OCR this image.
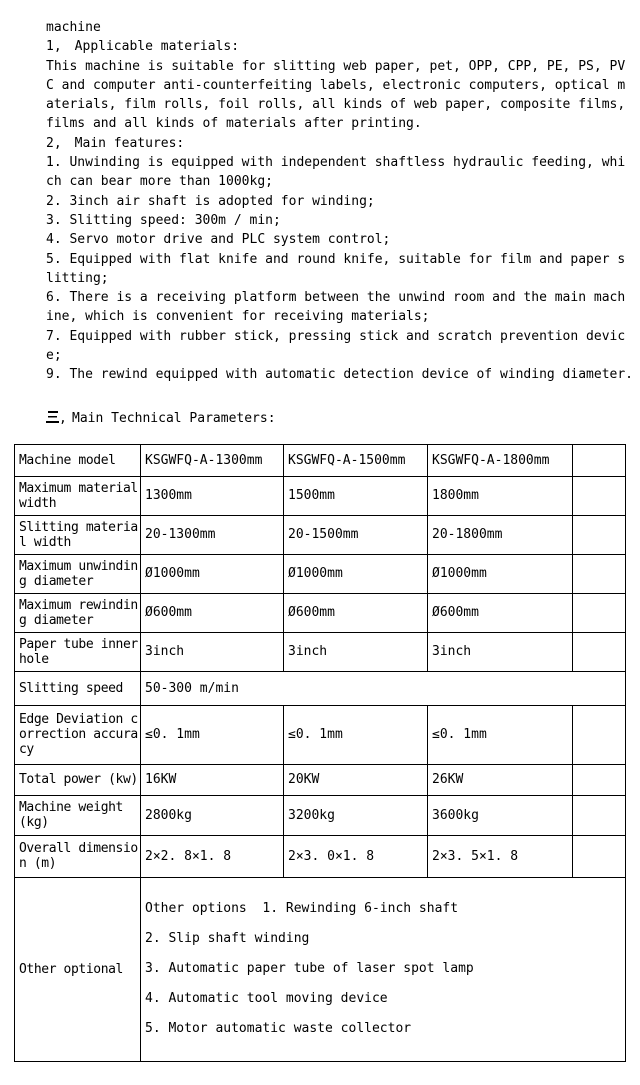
machine
1 , Applicable materials:
This machine is suitable for slitting web paper, pet, OPP, CPP, PE, PS, PV
C and computer anti-counterfeiting labels, electronic computers, optical m
aterials, film rolls, foil rolls, all kinds of web paper, composite films,
films and all kinds of materials after printing.
2 , Main features:
1. Unwinding is equipped with independent shaftless hydraulic feeding, whi
ch can bear more than 1000kg;
2. 3inch air shaft is adopted for winding;
3. Slitting speed: 300m / min;
4. Servo motor drive and PLC system control;
5. Equipped with flat knife and round knife, suitable for film and paper s
litting;
6. There is a receiving platform between the unwind room and the main mach
ine, which is convenient for receiving materials;
7. Equipped with rubber stick, pressing stick and scratch prevention devic
e;
9. The rewind equipped with automatic detection device of winding diameter.
, Main Technical Parameters:
Machine model	KSGWFQ-A-1300mm	KSGWFQ-A-1500mm	KSGWFQ-A-1800mm	
Maximum material width	1300mm	1500mm	1800mm	
Slitting material width	20-1300mm	20-1500mm	20-1800mm	
Maximum unwinding diameter	Ø1000mm	Ø1000mm	Ø1000mm	
Maximum rewinding diameter	Ø600mm	Ø600mm	Ø600mm	
Paper tube inner hole	3inch	3inch	3inch	
Slitting speed	50-300 m/min			
Edge Deviation correction accuracy	≤0. 1mm	≤0. 1mm	≤0. 1mm	
Total power (kw)	16KW	20KW	26KW	
Machine weight (kg)	2800kg	3200kg	3600kg	
Overall dimension (m)	2×2. 8×1. 8	2×3. 0×1. 8	2×3. 5×1. 8	
Other optional	Other options  1. Rewinding 6-inch shaft
2. Slip shaft winding
3. Automatic paper tube of laser spot lamp
4. Automatic tool moving device
5. Motor automatic waste collector			
